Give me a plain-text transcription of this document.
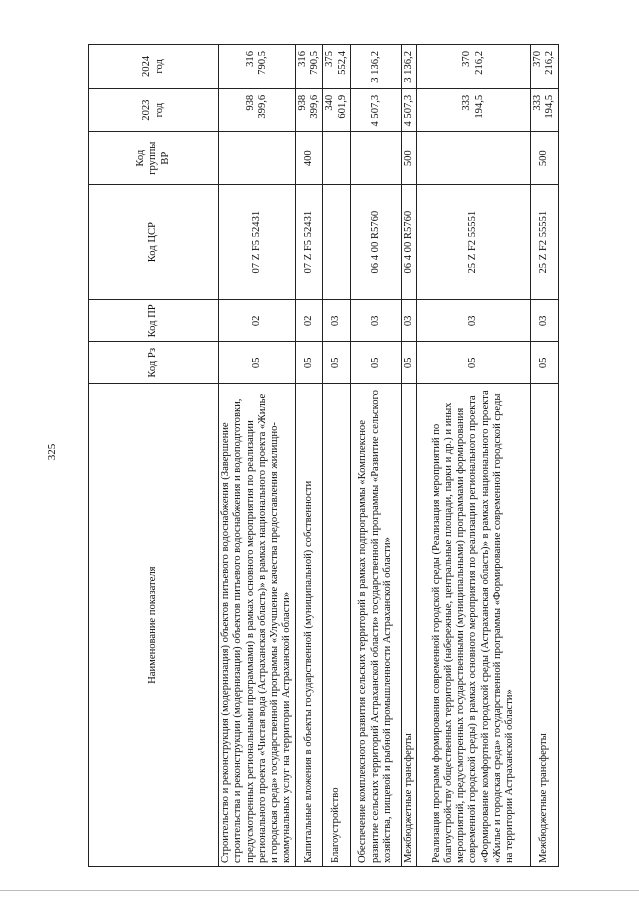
325
Наименование показателя	Код Рз	Код ПР	Код ЦСР	Код группы ВР	2023 год	2024 год
Строительство и реконструкция (модернизация) объектов питьевого водоснабжения (Завершение строительства и реконструкции (модернизации) объектов питьевого водоснабжения и водоподготовки, предусмотренных региональными программами) в рамках основного мероприятия по реализации регионального проекта «Чистая вода (Астраханская область)» в рамках национального проекта «Жилье и городская среда» государственной программы «Улучшение качества предоставления жилищно-коммунальных услуг на территории Астраханской области»	05	02	07 Z F5 52431		938 399,6	316 790,5
Капитальные вложения в объекты государственной (муниципальной) собственности	05	02	07 Z F5 52431	400	938 399,6	316 790,5
Благоустройство	05	03			340 601,9	375 552,4
Обеспечение комплексного развития сельских территорий в рамках подпрограммы «Комплексное развитие сельских территорий Астраханской области» государственной программы «Развитие сельского хозяйства, пищевой и рыбной промышленности Астраханской области»	05	03	06 4 00 R5760		4 507,3	3 136,2
Межбюджетные трансферты	05	03	06 4 00 R5760	500	4 507,3	3 136,2
Реализация программ формирования современной городской среды (Реализация мероприятий по благоустройству общественных территорий (набережные, центральные площади, парки и др.) и иных мероприятий, предусмотренных государственными (муниципальными) программами формирования современной городской среды) в рамках основного мероприятия по реализации регионального проекта «Формирование комфортной городской среды (Астраханская область)» в рамках национального проекта «Жилье и городская среда» государственной программы «Формирование современной городской среды на территории Астраханской области»	05	03	25 Z F2 55551		333 194,5	370 216,2
Межбюджетные трансферты	05	03	25 Z F2 55551	500	333 194,5	370 216,2
